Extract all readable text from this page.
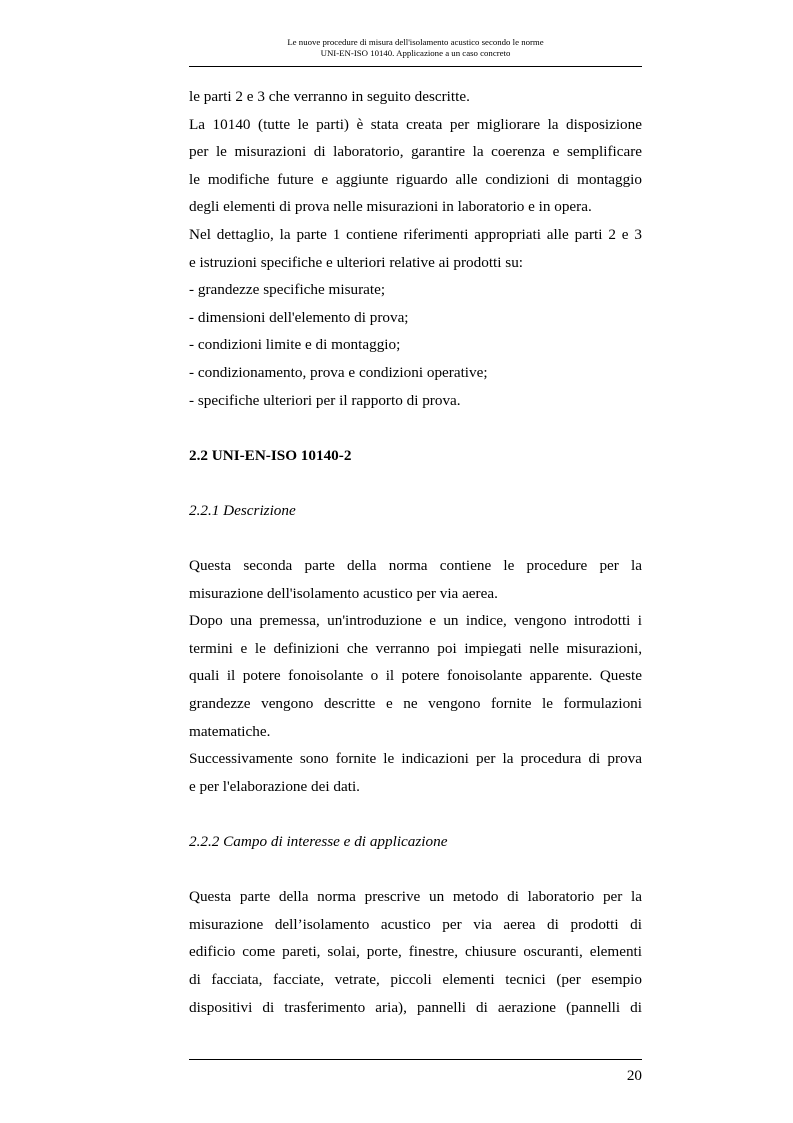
Le nuove procedure di misura dell'isolamento acustico secondo le norme
UNI-EN-ISO 10140. Applicazione a un caso concreto

le parti 2 e 3 che verranno in seguito descritte.

La 10140 (tutte le parti) è stata creata per migliorare la disposizione

per le misurazioni di laboratorio, garantire la coerenza e semplificare

le modifiche future e aggiunte riguardo alle condizioni di montaggio

degli elementi di prova nelle misurazioni in laboratorio e in opera.

Nel dettaglio, la parte 1 contiene riferimenti appropriati alle parti 2 e 3

e istruzioni specifiche e ulteriori relative ai prodotti su:

- grandezze specifiche misurate;

- dimensioni dell'elemento di prova;

- condizioni limite e di montaggio;

- condizionamento, prova e condizioni operative;

- specifiche ulteriori per il rapporto di prova.

2.2 UNI-EN-ISO 10140-2

2.2.1 Descrizione

Questa seconda parte della norma contiene le procedure per la

misurazione dell'isolamento acustico per via aerea.

Dopo una premessa, un'introduzione e un indice, vengono introdotti i

termini e le definizioni che verranno poi impiegati nelle misurazioni,

quali il potere fonoisolante o il potere fonoisolante apparente. Queste

grandezze vengono descritte e ne vengono fornite le formulazioni

matematiche.

Successivamente sono fornite le indicazioni per la procedura di prova

e per l'elaborazione dei dati.

2.2.2 Campo di interesse e di applicazione

Questa parte della norma prescrive un metodo di laboratorio per la

misurazione dell’isolamento acustico per via aerea di prodotti di

edificio come pareti, solai, porte, finestre, chiusure oscuranti, elementi

di facciata, facciate, vetrate, piccoli elementi tecnici (per esempio

dispositivi di trasferimento aria), pannelli di aerazione (pannelli di

20
